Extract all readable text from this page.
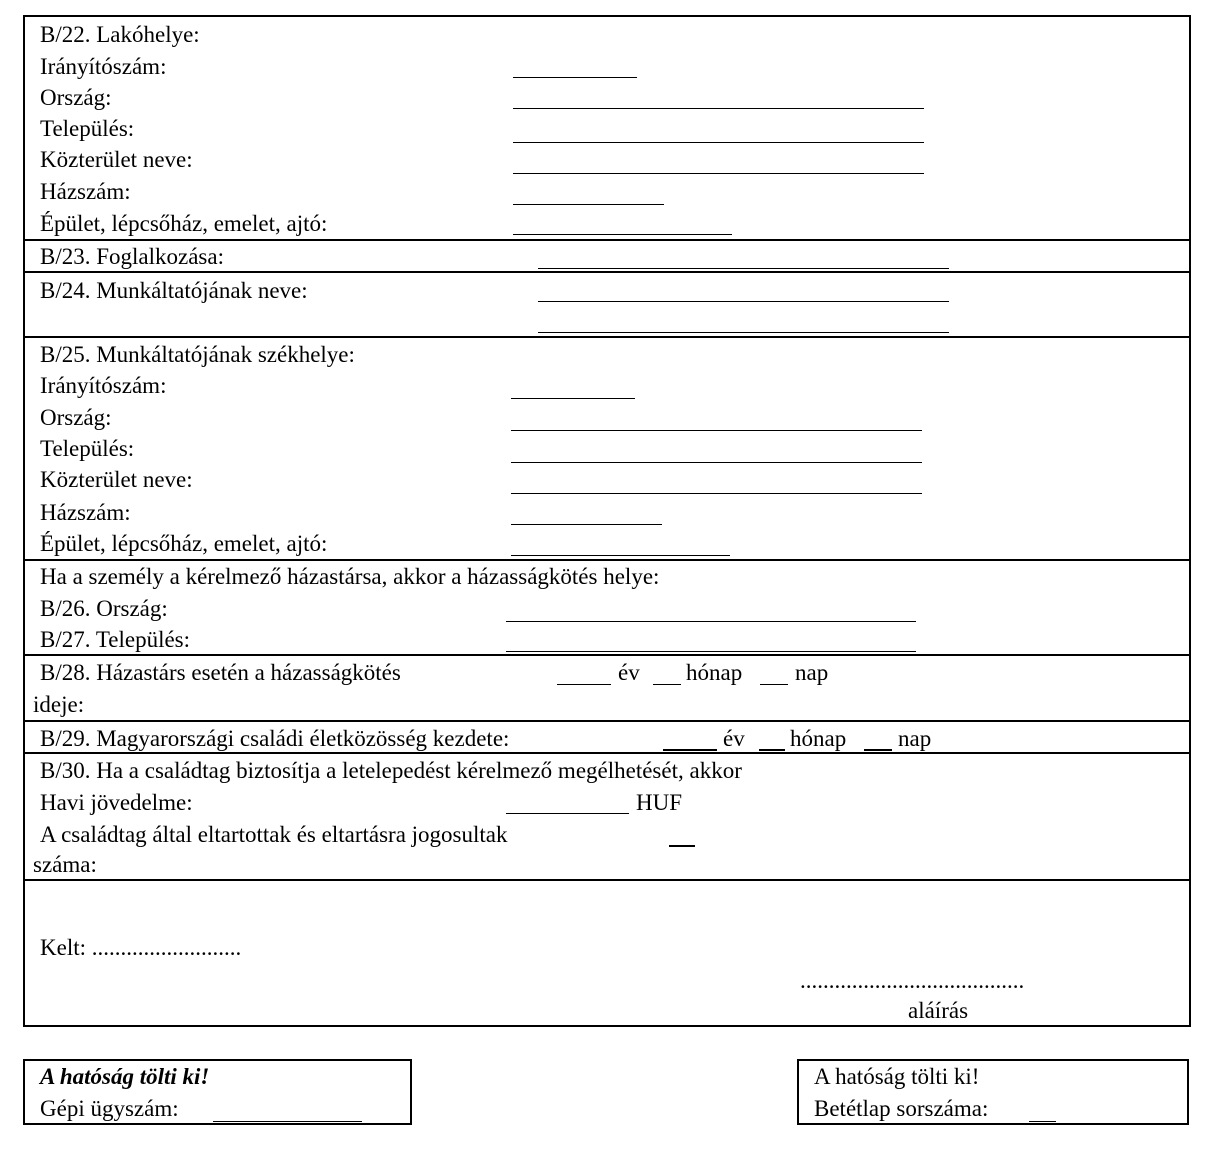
B/22. Lakóhelye:
Irányítószám:
Ország:
Település:
Közterület neve:
Házszám:
Épület, lépcsőház, emelet, ajtó:
B/23. Foglalkozása:
B/24. Munkáltatójának neve:
B/25. Munkáltatójának székhelye:
Irányítószám:
Ország:
Település:
Közterület neve:
Házszám:
Épület, lépcsőház, emelet, ajtó:
Ha a személy a kérelmező házastársa, akkor a házasságkötés helye:
B/26. Ország:
B/27. Település:
B/28. Házastárs esetén a házasságkötés
ideje:
év hónap nap
B/29. Magyarországi családi életközösség kezdete:	év hónap nap
B/30. Ha a családtag biztosítja a letelepedést kérelmező megélhetését, akkor
Havi jövedelme:	HUF
A családtag által eltartottak és eltartásra jogosultak
száma:
Kelt: ..........................
.......................................
aláírás
A hatóság tölti ki!
Gépi ügyszám:
A hatóság tölti ki!
Betétlap sorszáma:
